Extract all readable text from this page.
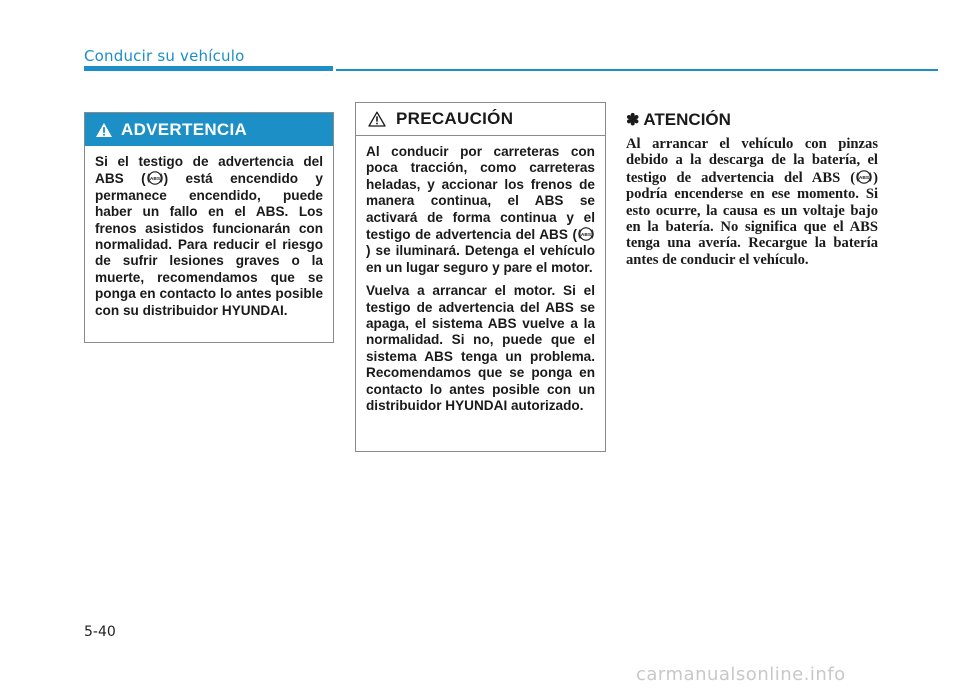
Conducir su vehículo
ADVERTENCIA

Si el testigo de advertencia del ABS ( ABS ) está encendido y permanece encendido, puede haber un fallo en el ABS. Los frenos asistidos funcionarán con normalidad. Para reducir el riesgo de sufrir lesiones graves o la muerte, recomendamos que se ponga en contacto lo antes posible con su distribuidor HYUNDAI.

PRECAUCIÓN

Al conducir por carreteras con poca tracción, como carreteras heladas, y accionar los frenos de manera continua, el ABS se activará de forma continua y el testigo de advertencia del ABS ( ABS
) se iluminará. Detenga el vehículo en un lugar seguro y pare el motor.

Vuelva a arrancar el motor. Si el testigo de advertencia del ABS se apaga, el sistema ABS vuelve a la normalidad. Si no, puede que el sistema ABS tenga un problema. Recomendamos que se ponga en contacto lo antes posible con un distribuidor HYUNDAI autorizado.

✽ ATENCIÓN
Al arrancar el vehículo con pinzas debido a la descarga de la batería, el testigo de advertencia del ABS ( ABS ) podría encenderse en ese momento. Si esto ocurre, la causa es un voltaje bajo en la batería. No significa que el ABS tenga una avería. Recargue la batería antes de conducir el vehículo.
5-40
carmanualsonline.info
